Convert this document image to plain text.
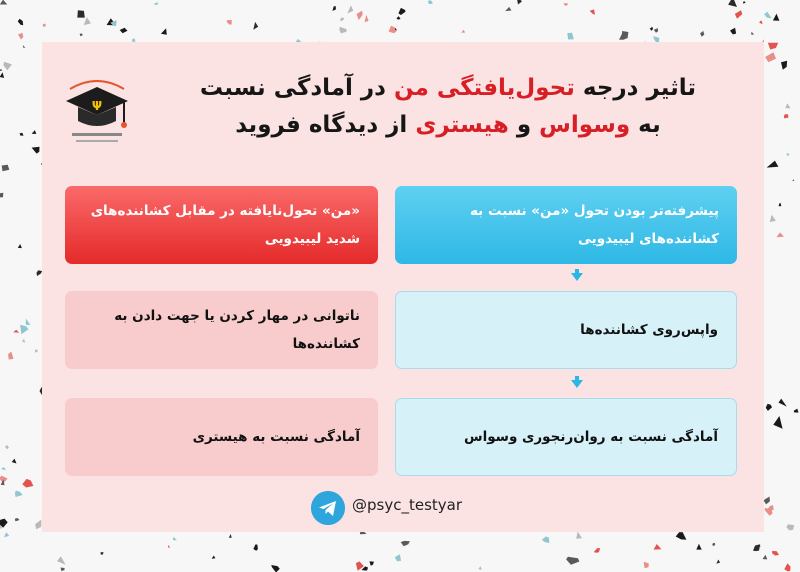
Ψ
تاثیر درجه تحول‌یافتگی من در آمادگی نسبت
به وسواس و هیستری از دیدگاه فروید
پیشرفته‌تر بودن تحول «من» نسبت به کشاننده‌های لیبیدویی
واپس‌روی کشاننده‌ها
آمادگی نسبت به روان‌رنجوری وسواس
«من» تحول‌نایافته در مقابل کشاننده‌های شدید لیبیدویی
ناتوانی در مهار کردن یا جهت دادن به کشاننده‌ها
آمادگی نسبت به هیستری
@psyc_testyar
